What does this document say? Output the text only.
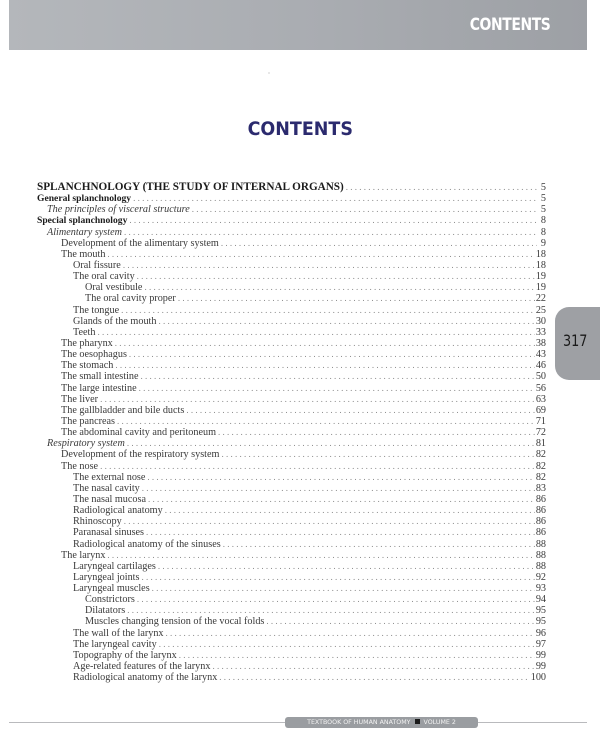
CONTENTS
CONTENTS
SPLANCHNOLOGY (THE STUDY OF INTERNAL ORGANS) . . .	5
General splanchnology . . .	5
The principles of visceral structure . . .	5
Special splanchnology . . .	8
Alimentary system . . .	8
Development of the alimentary system . . .	9
The mouth . . .	18
Oral fissure . . .	18
The oral cavity . . .	19
Oral vestibule . . .	19
The oral cavity proper . . .	22
The tongue . . .	25
Glands of the mouth . . .	30
Teeth . . .	33
The pharynx . . .	38
The oesophagus . . .	43
The stomach . . .	46
The small intestine . . .	50
The large intestine . . .	56
The liver . . .	63
The gallbladder and bile ducts . . .	69
The pancreas . . .	71
The abdominal cavity and peritoneum . . .	72
Respiratory system . . .	81
Development of the respiratory system . . .	82
The nose . . .	82
The external nose . . .	82
The nasal cavity . . .	83
The nasal mucosa . . .	86
Radiological anatomy . . .	86
Rhinoscopy . . .	86
Paranasal sinuses . . .	86
Radiological anatomy of the sinuses . . .	88
The larynx . . .	88
Laryngeal cartilages . . .	88
Laryngeal joints . . .	92
Laryngeal muscles . . .	93
Constrictors . . .	94
Dilatators . . .	95
Muscles changing tension of the vocal folds . . .	95
The wall of the larynx . . .	96
The laryngeal cavity . . .	97
Topography of the larynx . . .	99
Age-related features of the larynx . . .	99
Radiological anatomy of the larynx . . .	100
317
TEXTBOOK OF HUMAN ANATOMY VOLUME 2
